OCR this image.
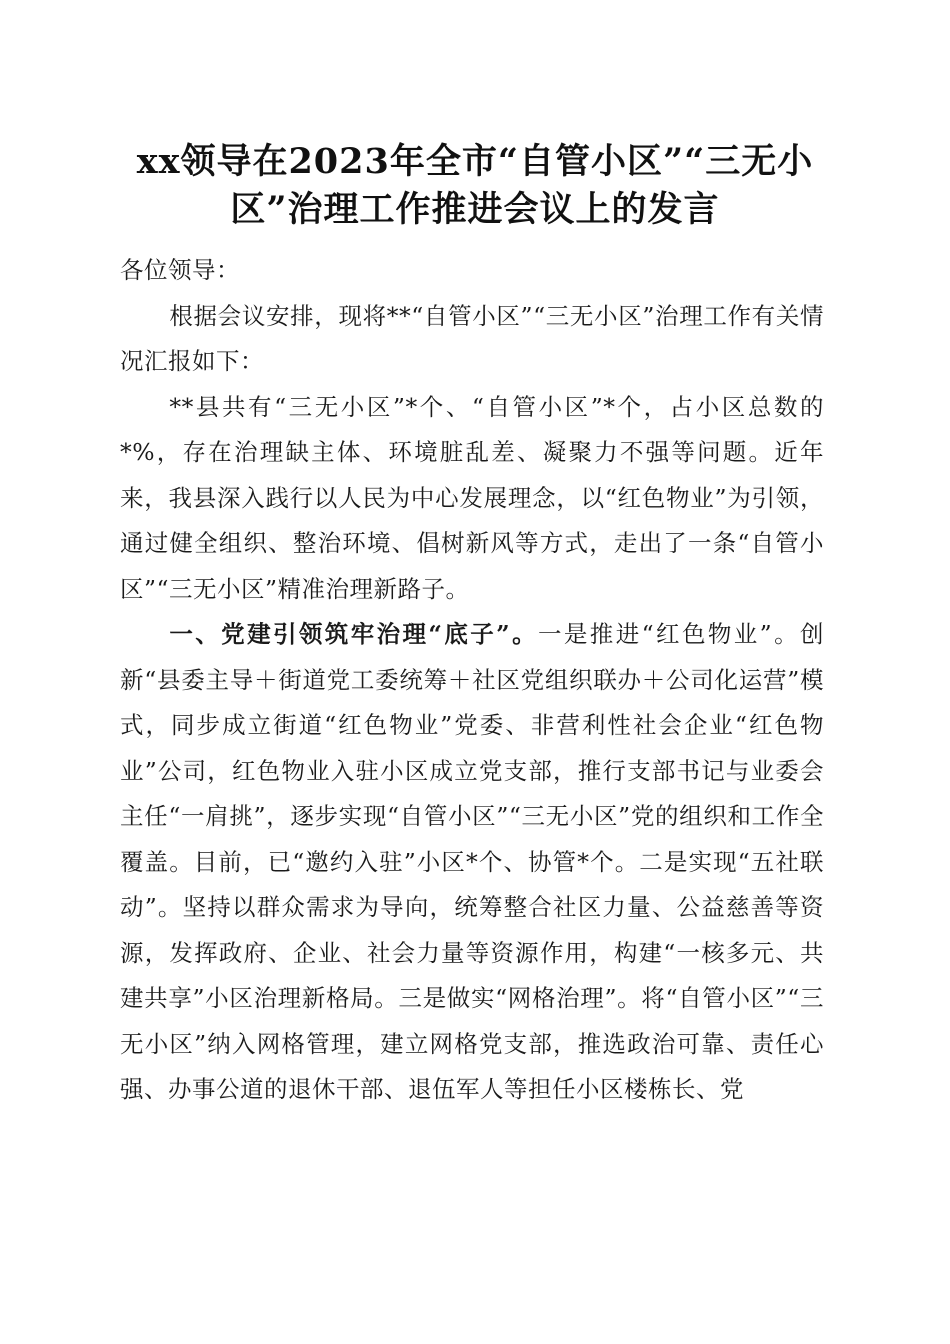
xx领导在2023年全市“自管小区”“三无小区”治理工作推进会议上的发言

各位领导：

根据会议安排，现将**“自管小区”“三无小区”治理工作有关情况汇报如下：

**县共有“三无小区”*个、“自管小区”*个，占小区总数的*%，存在治理缺主体、环境脏乱差、凝聚力不强等问题。近年来，我县深入践行以人民为中心发展理念，以“红色物业”为引领，通过健全组织、整治环境、倡树新风等方式，走出了一条“自管小区”“三无小区”精准治理新路子。

一、党建引领筑牢治理“底子”。一是推进“红色物业”。创新“县委主导＋街道党工委统筹＋社区党组织联办＋公司化运营”模式，同步成立街道“红色物业”党委、非营利性社会企业“红色物业”公司，红色物业入驻小区成立党支部，推行支部书记与业委会主任“一肩挑”，逐步实现“自管小区”“三无小区”党的组织和工作全覆盖。目前，已“邀约入驻”小区*个、协管*个。二是实现“五社联动”。坚持以群众需求为导向，统筹整合社区力量、公益慈善等资源，发挥政府、企业、社会力量等资源作用，构建“一核多元、共建共享”小区治理新格局。三是做实“网格治理”。将“自管小区”“三无小区”纳入网格管理，建立网格党支部，推选政治可靠、责任心强、办事公道的退休干部、退伍军人等担任小区楼栋长、党
